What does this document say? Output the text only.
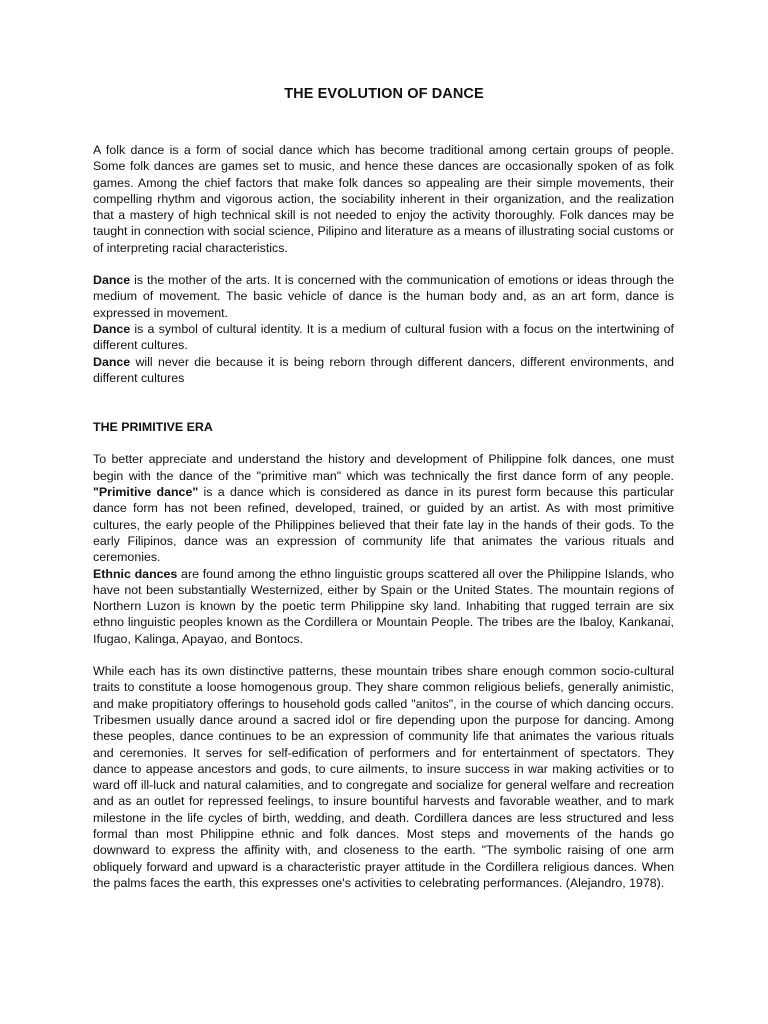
THE EVOLUTION OF DANCE

A folk dance is a form of social dance which has become traditional among certain groups of people. Some folk dances are games set to music, and hence these dances are occasionally spoken of as folk games. Among the chief factors that make folk dances so appealing are their simple movements, their compelling rhythm and vigorous action, the sociability inherent in their organization, and the realization that a mastery of high technical skill is not needed to enjoy the activity thoroughly. Folk dances may be taught in connection with social science, Pilipino and literature as a means of illustrating social customs or of interpreting racial characteristics.

Dance is the mother of the arts. It is concerned with the communication of emotions or ideas through the medium of movement. The basic vehicle of dance is the human body and, as an art form, dance is expressed in movement.

Dance is a symbol of cultural identity. It is a medium of cultural fusion with a focus on the intertwining of different cultures.

Dance will never die because it is being reborn through different dancers, different environments, and different cultures

THE PRIMITIVE ERA

To better appreciate and understand the history and development of Philippine folk dances, one must begin with the dance of the "primitive man" which was technically the first dance form of any people. "Primitive dance" is a dance which is considered as dance in its purest form because this particular dance form has not been refined, developed, trained, or guided by an artist. As with most primitive cultures, the early people of the Philippines believed that their fate lay in the hands of their gods. To the early Filipinos, dance was an expression of community life that animates the various rituals and ceremonies.

Ethnic dances are found among the ethno linguistic groups scattered all over the Philippine Islands, who have not been substantially Westernized, either by Spain or the United States. The mountain regions of Northern Luzon is known by the poetic term Philippine sky land. Inhabiting that rugged terrain are six ethno linguistic peoples known as the Cordillera or Mountain People. The tribes are the Ibaloy, Kankanai, Ifugao, Kalinga, Apayao, and Bontocs.

While each has its own distinctive patterns, these mountain tribes share enough common socio-cultural traits to constitute a loose homogenous group. They share common religious beliefs, generally animistic, and make propitiatory offerings to household gods called "anitos", in the course of which dancing occurs. Tribesmen usually dance around a sacred idol or fire depending upon the purpose for dancing. Among these peoples, dance continues to be an expression of community life that animates the various rituals and ceremonies. It serves for self-edification of performers and for entertainment of spectators. They dance to appease ancestors and gods, to cure ailments, to insure success in war making activities or to ward off ill-luck and natural calamities, and to congregate and socialize for general welfare and recreation and as an outlet for repressed feelings, to insure bountiful harvests and favorable weather, and to mark milestone in the life cycles of birth, wedding, and death. Cordillera dances are less structured and less formal than most Philippine ethnic and folk dances. Most steps and movements of the hands go downward to express the affinity with, and closeness to the earth. "The symbolic raising of one arm obliquely forward and upward is a characteristic prayer attitude in the Cordillera religious dances. When the palms faces the earth, this expresses one's activities to celebrating performances. (Alejandro, 1978).
